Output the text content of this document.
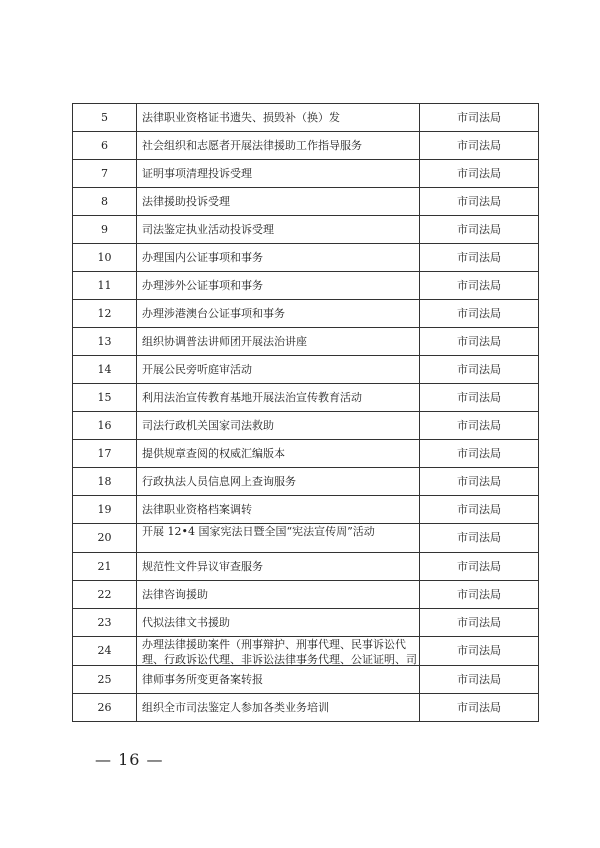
5	法律职业资格证书遗失、损毁补（换）发	市司法局
6	社会组织和志愿者开展法律援助工作指导服务	市司法局
7	证明事项清理投诉受理	市司法局
8	法律援助投诉受理	市司法局
9	司法鉴定执业活动投诉受理	市司法局
10	办理国内公证事项和事务	市司法局
11	办理涉外公证事项和事务	市司法局
12	办理涉港澳台公证事项和事务	市司法局
13	组织协调普法讲师团开展法治讲座	市司法局
14	开展公民旁听庭审活动	市司法局
15	利用法治宣传教育基地开展法治宣传教育活动	市司法局
16	司法行政机关国家司法救助	市司法局
17	提供规章查阅的权威汇编版本	市司法局
18	行政执法人员信息网上查询服务	市司法局
19	法律职业资格档案调转	市司法局
20	开展 12•4 国家宪法日暨全国“宪法宣传周”活动	市司法局
21	规范性文件异议审查服务	市司法局
22	法律咨询援助	市司法局
23	代拟法律文书援助	市司法局
24	办理法律援助案件（刑事辩护、刑事代理、民事诉讼代理、行政诉讼代理、非诉讼法律事务代理、公证证明、司	市司法局
25	律师事务所变更备案转报	市司法局
26	组织全市司法鉴定人参加各类业务培训	市司法局
— 16 —
